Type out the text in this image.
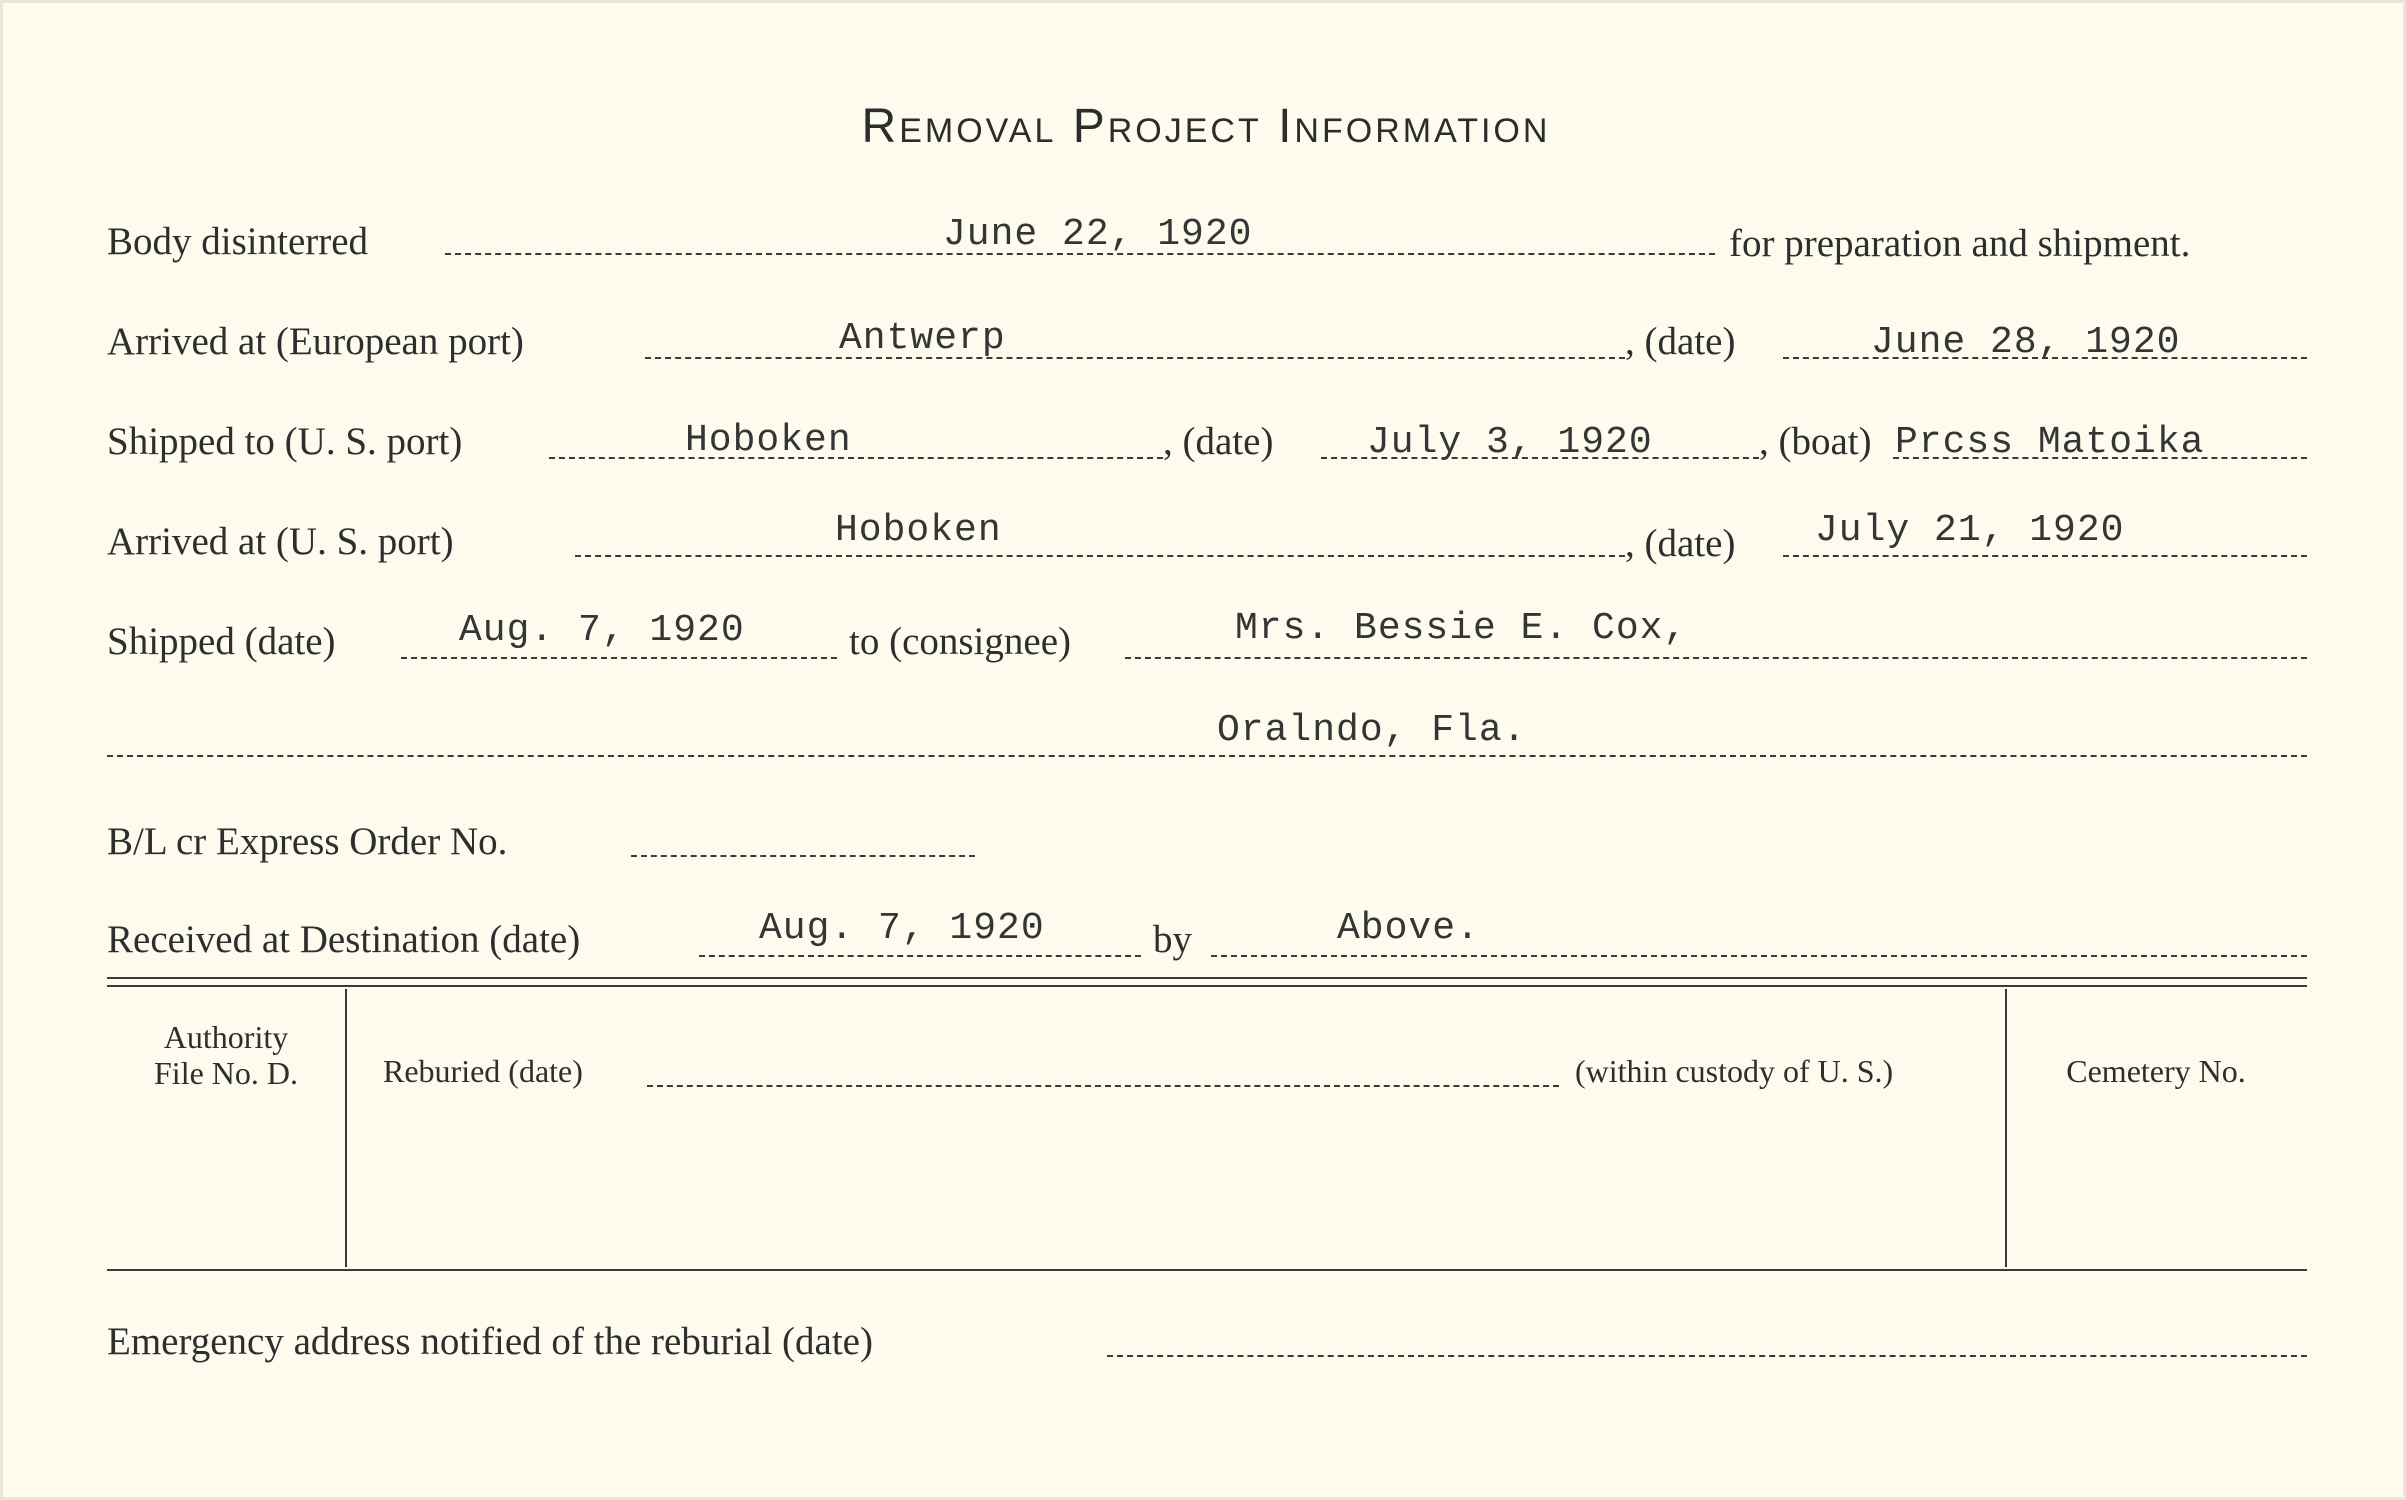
Removal Project Information
Body disinterred	June 22, 1920	for preparation and shipment.
Arrived at (European port)	Antwerp	, (date)	June 28, 1920
Shipped to (U. S. port)	Hoboken	, (date) July 3, 1920	, (boat) Prcss Matoika
Arrived at (U. S. port)	Hoboken	, (date) July 21, 1920
Shipped (date)	Aug. 7, 1920	to (consignee)	Mrs. Bessie E. Cox,
Oralndo, Fla.
B/L cr Express Order No.
Received at Destination (date)	Aug. 7, 1920	by	Above.
Authority
File No. D.	Reburied (date)	(within custody of U. S.)	Cemetery No.
Emergency address notified of the reburial (date)
